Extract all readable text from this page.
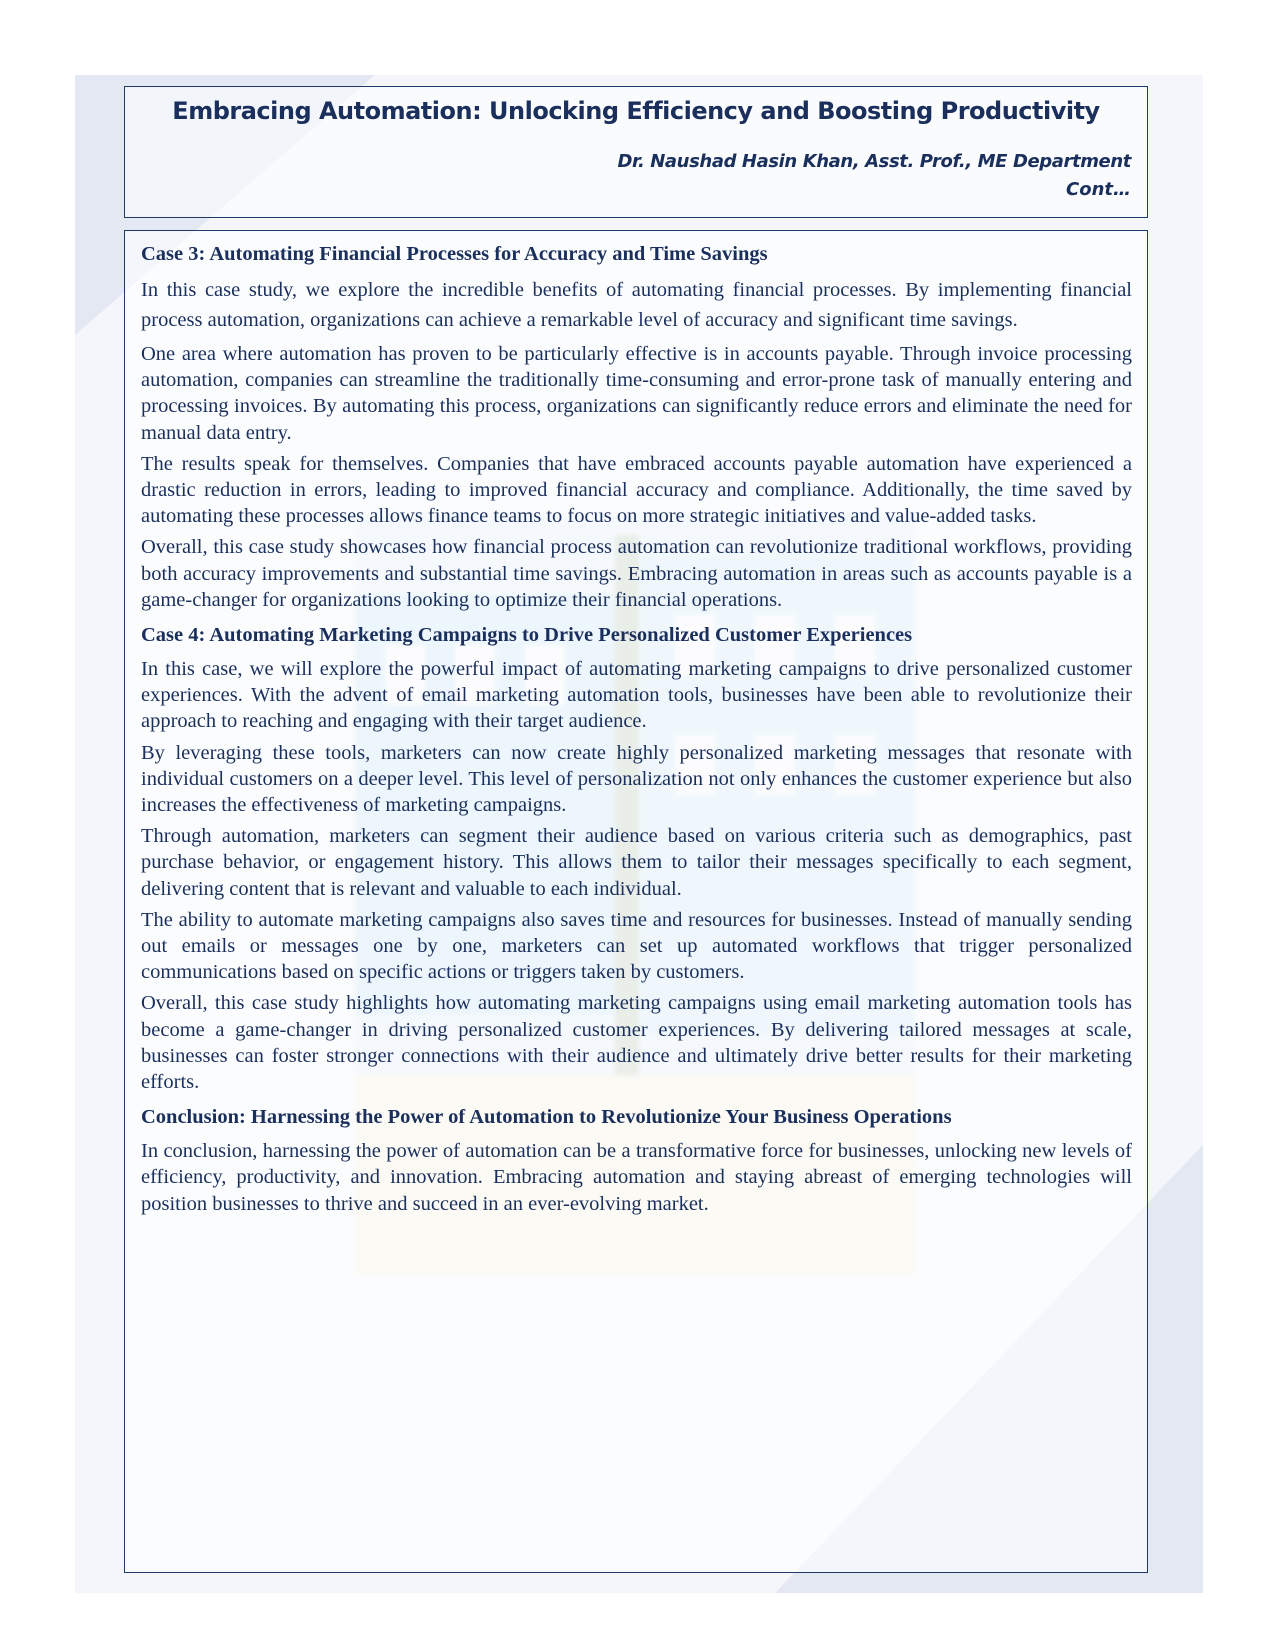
Embracing Automation: Unlocking Efficiency and Boosting Productivity
Dr. Naushad Hasin Khan, Asst. Prof., ME Department
Cont…
Case 3: Automating Financial Processes for Accuracy and Time Savings

In this case study, we explore the incredible benefits of automating financial processes. By implementing financial process automation, organizations can achieve a remarkable level of accuracy and significant time savings.

One area where automation has proven to be particularly effective is in accounts payable. Through invoice processing automation, companies can streamline the traditionally time-consuming and error-prone task of manually entering and processing invoices. By automating this process, organizations can significantly reduce errors and eliminate the need for manual data entry.

The results speak for themselves. Companies that have embraced accounts payable automation have experienced a drastic reduction in errors, leading to improved financial accuracy and compliance. Additionally, the time saved by automating these processes allows finance teams to focus on more strategic initiatives and value-added tasks.

Overall, this case study showcases how financial process automation can revolutionize traditional workflows, providing both accuracy improvements and substantial time savings. Embracing automation in areas such as accounts payable is a game-changer for organizations looking to optimize their financial operations.

Case 4: Automating Marketing Campaigns to Drive Personalized Customer Experiences

In this case, we will explore the powerful impact of automating marketing campaigns to drive personalized customer experiences. With the advent of email marketing automation tools, businesses have been able to revolutionize their approach to reaching and engaging with their target audience.

By leveraging these tools, marketers can now create highly personalized marketing messages that resonate with individual customers on a deeper level. This level of personalization not only enhances the customer experience but also increases the effectiveness of marketing campaigns.

Through automation, marketers can segment their audience based on various criteria such as demographics, past purchase behavior, or engagement history. This allows them to tailor their messages specifically to each segment, delivering content that is relevant and valuable to each individual.

The ability to automate marketing campaigns also saves time and resources for businesses. Instead of manually sending out emails or messages one by one, marketers can set up automated workflows that trigger personalized communications based on specific actions or triggers taken by customers.

Overall, this case study highlights how automating marketing campaigns using email marketing automation tools has become a game-changer in driving personalized customer experiences. By delivering tailored messages at scale, businesses can foster stronger connections with their audience and ultimately drive better results for their marketing efforts.

Conclusion: Harnessing the Power of Automation to Revolutionize Your Business Operations

In conclusion, harnessing the power of automation can be a transformative force for businesses, unlocking new levels of efficiency, productivity, and innovation. Embracing automation and staying abreast of emerging technologies will position businesses to thrive and succeed in an ever-evolving market.
